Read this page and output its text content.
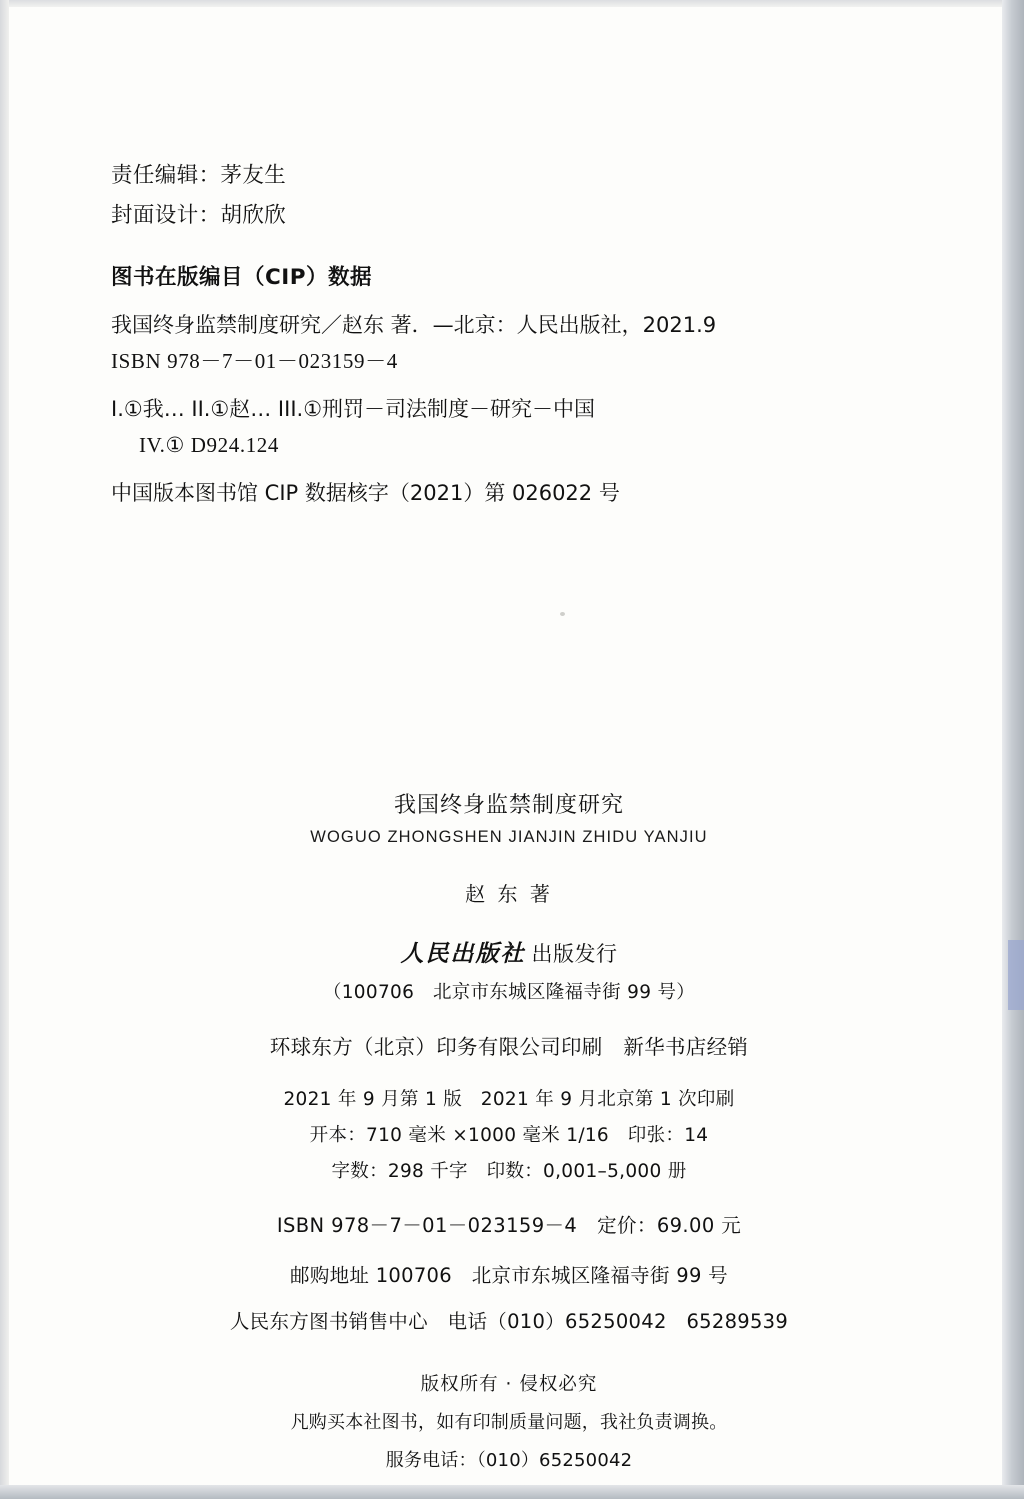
责任编辑：茅友生
封面设计：胡欣欣
图书在版编目（CIP）数据
我国终身监禁制度研究／赵东 著．—北京：人民出版社，2021.9
ISBN 978－7－01－023159－4
I.①我… II.①赵… III.①刑罚－司法制度－研究－中国
IV.① D924.124
中国版本图书馆 CIP 数据核字（2021）第 026022 号
我国终身监禁制度研究
WOGUO ZHONGSHEN JIANJIN ZHIDU YANJIU
赵 东 著
人民出版社 出版发行
（100706　北京市东城区隆福寺街 99 号）
环球东方（北京）印务有限公司印刷　新华书店经销
2021 年 9 月第 1 版　2021 年 9 月北京第 1 次印刷
开本：710 毫米 ×1000 毫米 1/16　印张：14
字数：298 千字　印数：0,001–5,000 册
ISBN 978－7－01－023159－4　定价：69.00 元
邮购地址 100706　北京市东城区隆福寺街 99 号
人民东方图书销售中心　电话（010）65250042　65289539
版权所有 · 侵权必究
凡购买本社图书，如有印制质量问题，我社负责调换。
服务电话：（010）65250042
